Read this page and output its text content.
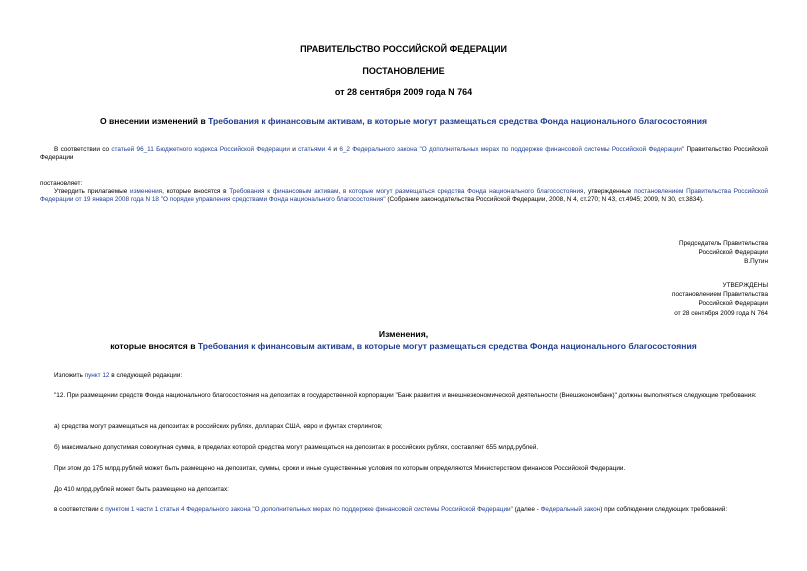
ПРАВИТЕЛЬСТВО РОССИЙСКОЙ ФЕДЕРАЦИИ
ПОСТАНОВЛЕНИЕ
от 28 сентября 2009 года N 764
О внесении изменений в Требования к финансовым активам, в которые могут размещаться средства Фонда национального благосостояния
В соответствии со статьей 96_11 Бюджетного кодекса Российской Федерации и статьями 4 и 6_2 Федерального закона "О дополнительных мерах по поддержке финансовой системы Российской Федерации" Правительство Российской Федерации
постановляет:
Утвердить прилагаемые изменения, которые вносятся в Требования к финансовым активам, в которые могут размещаться средства Фонда национального благосостояния, утвержденные постановлением Правительства Российской Федерации от 19 января 2008 года N 18 "О порядке управления средствами Фонда национального благосостояния" (Собрание законодательства Российской Федерации, 2008, N 4, ст.270; N 43, ст.4945; 2009, N 30, ст.3834).
Председатель Правительства
Российской Федерации
В.Путин
УТВЕРЖДЕНЫ
постановлением Правительства
Российской Федерации
от 28 сентября 2009 года N 764
Изменения,
которые вносятся в Требования к финансовым активам, в которые могут размещаться средства Фонда национального благосостояния
Изложить пункт 12 в следующей редакции:
"12. При размещении средств Фонда национального благосостояния на депозитах в государственной корпорации "Банк развития и внешнеэкономической деятельности (Внешэкономбанк)" должны выполняться следующие требования:
а) средства могут размещаться на депозитах в российских рублях, долларах США, евро и фунтах стерлингов;
б) максимально допустимая совокупная сумма, в пределах которой средства могут размещаться на депозитах в российских рублях, составляет 655 млрд.рублей.
При этом до 175 млрд.рублей может быть размещено на депозитах, суммы, сроки и иные существенные условия по которым определяются Министерством финансов Российской Федерации.
До 410 млрд.рублей может быть размещено на депозитах:
в соответствии с пунктом 1 части 1 статьи 4 Федерального закона "О дополнительных мерах по поддержке финансовой системы Российской Федерации" (далее - Федеральный закон) при соблюдении следующих требований:
